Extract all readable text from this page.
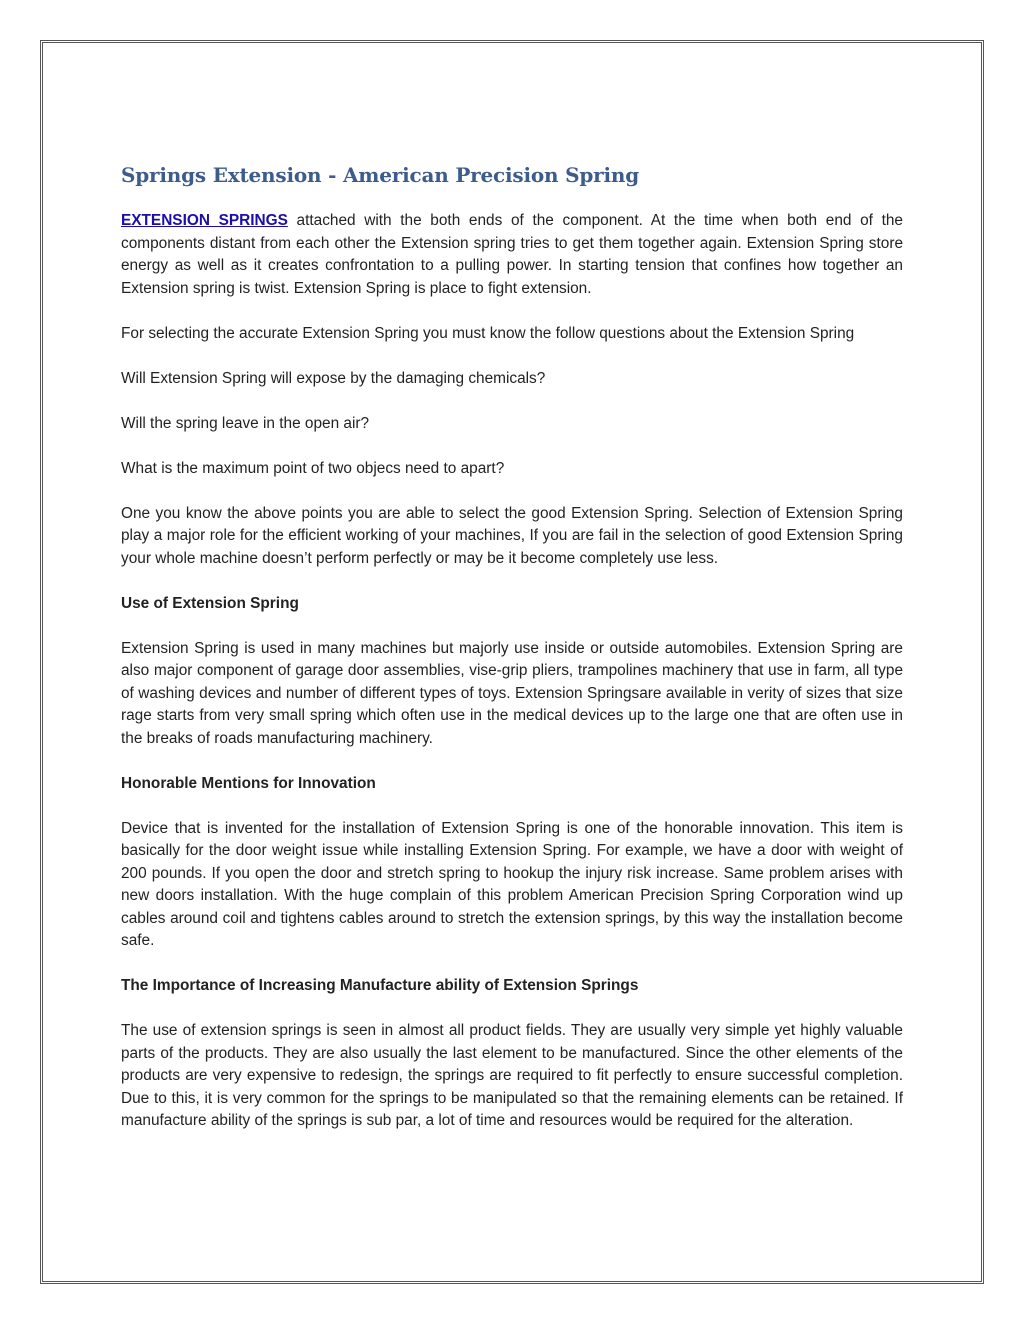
Springs Extension - American Precision Spring

EXTENSION SPRINGS attached with the both ends of the component. At the time when both end of the components distant from each other the Extension spring tries to get them together again. Extension Spring store energy as well as it creates confrontation to a pulling power. In starting tension that confines how together an Extension spring is twist. Extension Spring is place to fight extension.

For selecting the accurate Extension Spring you must know the follow questions about the Extension Spring

Will Extension Spring will expose by the damaging chemicals?

Will the spring leave in the open air?

What is the maximum point of two objecs need to apart?

One you know the above points you are able to select the good Extension Spring. Selection of Extension Spring play a major role for the efficient working of your machines, If you are fail in the selection of good Extension Spring your whole machine doesn’t perform perfectly or may be it become completely use less.

Use of Extension Spring

Extension Spring is used in many machines but majorly use inside or outside automobiles. Extension Spring are also major component of garage door assemblies, vise-grip pliers, trampolines machinery that use in farm, all type of washing devices and number of different types of toys. Extension Springsare available in verity of sizes that size rage starts from very small spring which often use in the medical devices up to the large one that are often use in the breaks of roads manufacturing machinery.

Honorable Mentions for Innovation

Device that is invented for the installation of Extension Spring is one of the honorable innovation. This item is basically for the door weight issue while installing Extension Spring. For example, we have a door with weight of 200 pounds. If you open the door and stretch spring to hookup the injury risk increase. Same problem arises with new doors installation. With the huge complain of this problem American Precision Spring Corporation wind up cables around coil and tightens cables around to stretch the extension springs, by this way the installation become safe.

The Importance of Increasing Manufacture ability of Extension Springs

The use of extension springs is seen in almost all product fields. They are usually very simple yet highly valuable parts of the products. They are also usually the last element to be manufactured. Since the other elements of the products are very expensive to redesign, the springs are required to fit perfectly to ensure successful completion. Due to this, it is very common for the springs to be manipulated so that the remaining elements can be retained. If manufacture ability of the springs is sub par, a lot of time and resources would be required for the alteration.
